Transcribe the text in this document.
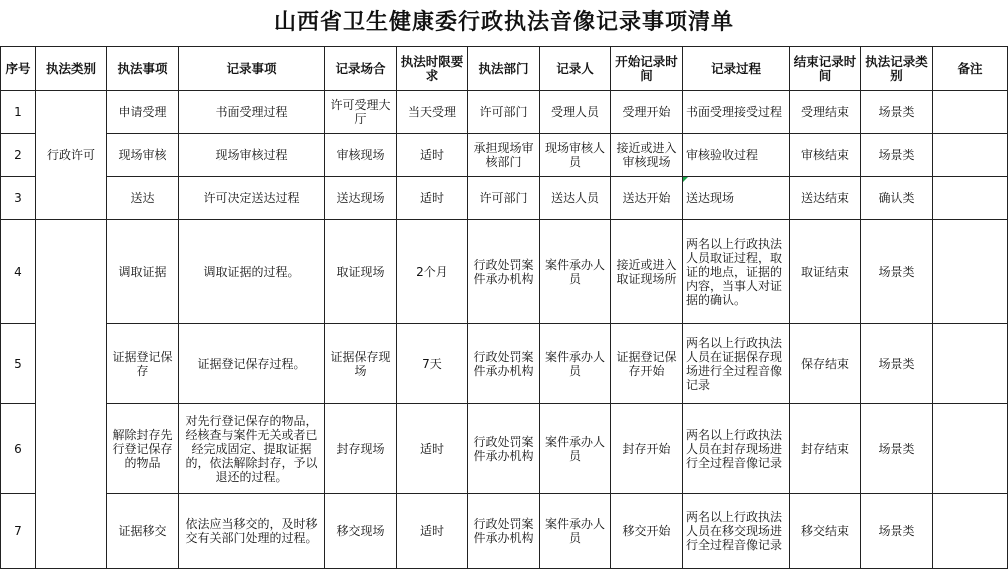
山西省卫生健康委行政执法音像记录事项清单
序号	执法类别	执法事项	记录事项	记录场合	执法时限要求	执法部门	记录人	开始记录时间	记录过程	结束记录时间	执法记录类别	备注
1	行政许可	申请受理	书面受理过程	许可受理大厅	当天受理	许可部门	受理人员	受理开始	书面受理接受过程	受理结束	场景类	
2		现场审核	现场审核过程	审核现场	适时	承担现场审核部门	现场审核人员	接近或进入审核现场	审核验收过程	审核结束	场景类	
3		送达	许可决定送达过程	送达现场	适时	许可部门	送达人员	送达开始	送达现场	送达结束	确认类	
4		调取证据	调取证据的过程。	取证现场	2个月	行政处罚案件承办机构	案件承办人员	接近或进入取证现场所	两名以上行政执法人员取证过程，取证的地点，证据的内容，当事人对证据的确认。	取证结束	场景类	
5		证据登记保存	证据登记保存过程。	证据保存现场	7天	行政处罚案件承办机构	案件承办人员	证据登记保存开始	两名以上行政执法人员在证据保存现场进行全过程音像记录	保存结束	场景类	
6		解除封存先行登记保存的物品	对先行登记保存的物品，经核查与案件无关或者已经完成固定、提取证据的，依法解除封存，予以退还的过程。	封存现场	适时	行政处罚案件承办机构	案件承办人员	封存开始	两名以上行政执法人员在封存现场进行全过程音像记录	封存结束	场景类	
7		证据移交	依法应当移交的，及时移交有关部门处理的过程。	移交现场	适时	行政处罚案件承办机构	案件承办人员	移交开始	两名以上行政执法人员在移交现场进行全过程音像记录	移交结束	场景类	
